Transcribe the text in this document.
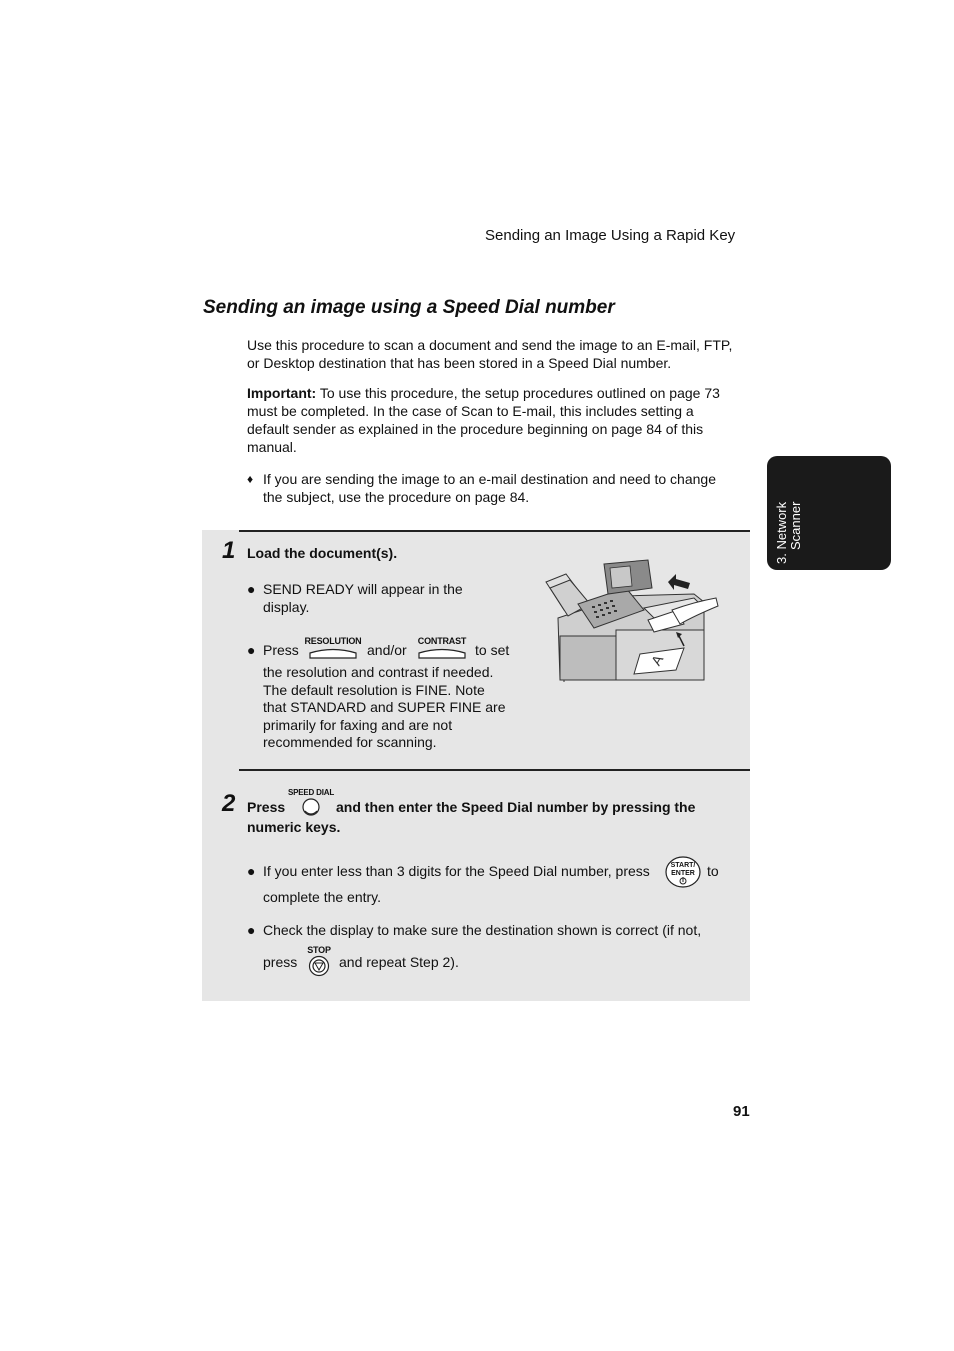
Sending an Image Using a Rapid Key
Sending an image using a Speed Dial number
Use this procedure to scan a document and send the image to an E-mail, FTP,
or Desktop destination that has been stored in a Speed Dial number.
Important: To use this procedure, the setup procedures outlined on page 73
must be completed. In the case of Scan to E-mail, this includes setting a
default sender as explained in the procedure beginning on page 84 of this
manual.
♦ If you are sending the image to an e-mail destination and need to change
the subject, use the procedure on page 84.
3. Network Scanner
1 Load the document(s).
● SEND READY will appear in the
display.
● Press
RESOLUTION
and/or
CONTRAST
to set
the resolution and contrast if needed.
The default resolution is FINE. Note
that STANDARD and SUPER FINE are
primarily for faxing and are not
recommended for scanning.
A
2 Press
SPEED DIAL
and then enter the Speed Dial number by pressing the
numeric keys.
● If you enter less than 3 digits for the Speed Dial number, press	START/
ENTER to
complete the entry.
● Check the display to make sure the destination shown is correct (if not,
press
STOP
and repeat Step 2).
91
